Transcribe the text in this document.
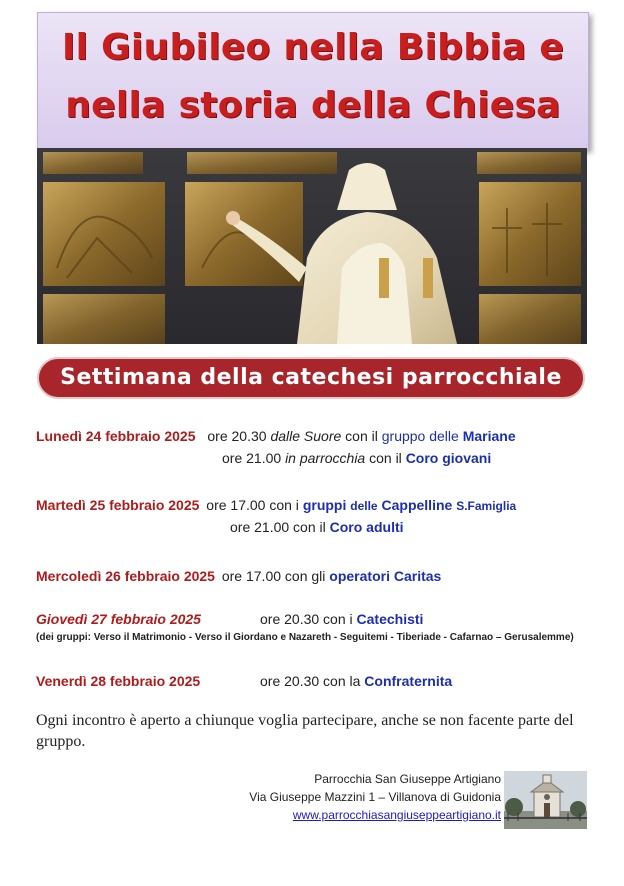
Il Giubileo nella Bibbia e
nella storia della Chiesa
Settimana della catechesi parrocchiale
Lunedì 24 febbraio 2025 ore 20.30 dalle Suore con il gruppo delle Mariane
ore 21.00 in parrocchia con il Coro giovani
Martedì 25 febbraio 2025 ore 17.00 con i gruppi delle Cappelline S.Famiglia
ore 21.00 con il Coro adulti
Mercoledì 26 febbraio 2025 ore 17.00 con gli operatori Caritas
Giovedì 27 febbraio 2025	ore 20.30 con i Catechisti
(dei gruppi: Verso il Matrimonio - Verso il Giordano e Nazareth - Seguitemi - Tiberiade - Cafarnao – Gerusalemme)
Venerdì 28 febbraio 2025	ore 20.30 con la Confraternita
Ogni incontro è aperto a chiunque voglia partecipare, anche se non facente parte del gruppo.
Parrocchia San Giuseppe Artigiano
Via Giuseppe Mazzini 1 – Villanova di Guidonia
www.parrocchiasangiuseppeartigiano.it
